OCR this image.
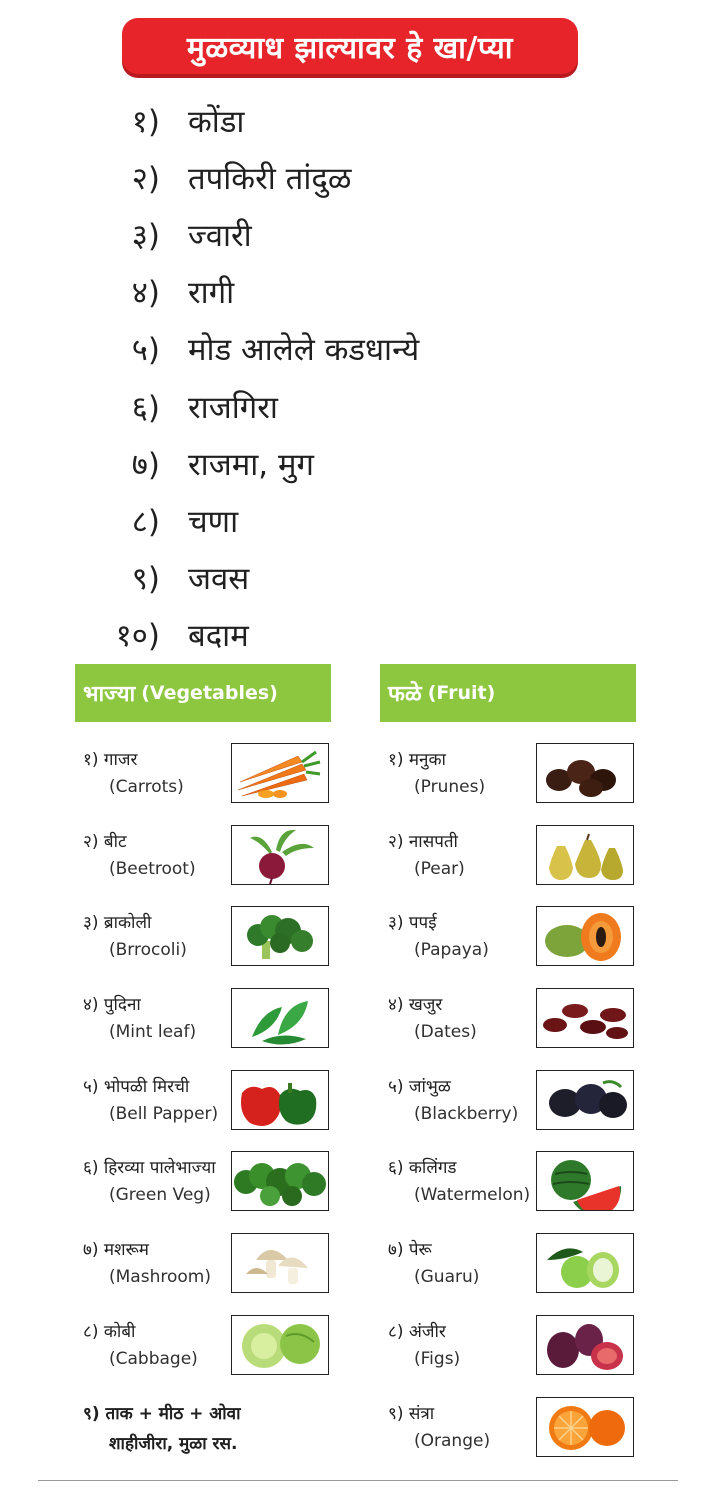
मुळव्याध झाल्यावर हे खा/प्या
१) कोंडा
२) तपकिरी तांदुळ
३) ज्वारी
४) रागी
५) मोड आलेले कडधान्ये
६) राजगिरा
७) राजमा, मुग
८) चणा
९) जवस
१०) बदाम
भाज्या (Vegetables)
१) गाजर
(Carrots)
२) बीट
(Beetroot)
३) ब्राकोली
(Brrocoli)
४) पुदिना
(Mint leaf)
५) भोपळी मिरची
(Bell Papper)
६) हिरव्या पालेभाज्या
(Green Veg)
७) मशरूम
(Mashroom)
८) कोबी
(Cabbage)
९) ताक + मीठ + ओवा
शाहीजीरा, मुळा रस.
फळे (Fruit)
१) मनुका
(Prunes)
२) नासपती
(Pear)
३) पपई
(Papaya)
४) खजुर
(Dates)
५) जांभुळ
(Blackberry)
६) कलिंगड
(Watermelon)
७) पेरू
(Guaru)
८) अंजीर
(Figs)
९) संत्रा
(Orange)
